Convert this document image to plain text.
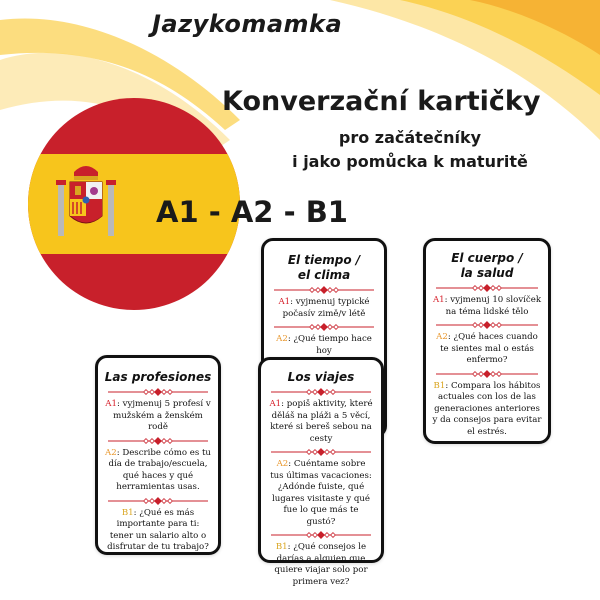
Jazykomamka
Konverzační kartičky
pro začátečníky
i jako pomůcka k maturitě
A1 - A2 - B1
El tiempo /
el clima
A1: vyjmenuj typické počasív zimě/v létě
A2: ¿Qué tiempo hace hoy
El cuerpo /
la salud
A1: vyjmenuj 10 slovíček na téma lidské tělo
A2: ¿Qué haces cuando te sientes mal o estás enfermo?
B1: Compara los hábitos actuales con los de las generaciones anteriores y da consejos para evitar el estrés.
Las profesiones
A1: vyjmenuj 5 profesí v mužském a ženském rodě
A2: Describe cómo es tu día de trabajo/escuela, qué haces y qué herramientas usas.
B1: ¿Qué es más importante para ti: tener un salario alto o disfrutar de tu trabajo?
Los viajes
A1: popiš aktivity, které děláš na pláži a 5 věcí, které si bereš sebou na cesty
A2: Cuéntame sobre tus últimas vacaciones: ¿Adónde fuiste, qué lugares visitaste y qué fue lo que más te gustó?
B1: ¿Qué consejos le darías a alguien que quiere viajar solo por primera vez?
